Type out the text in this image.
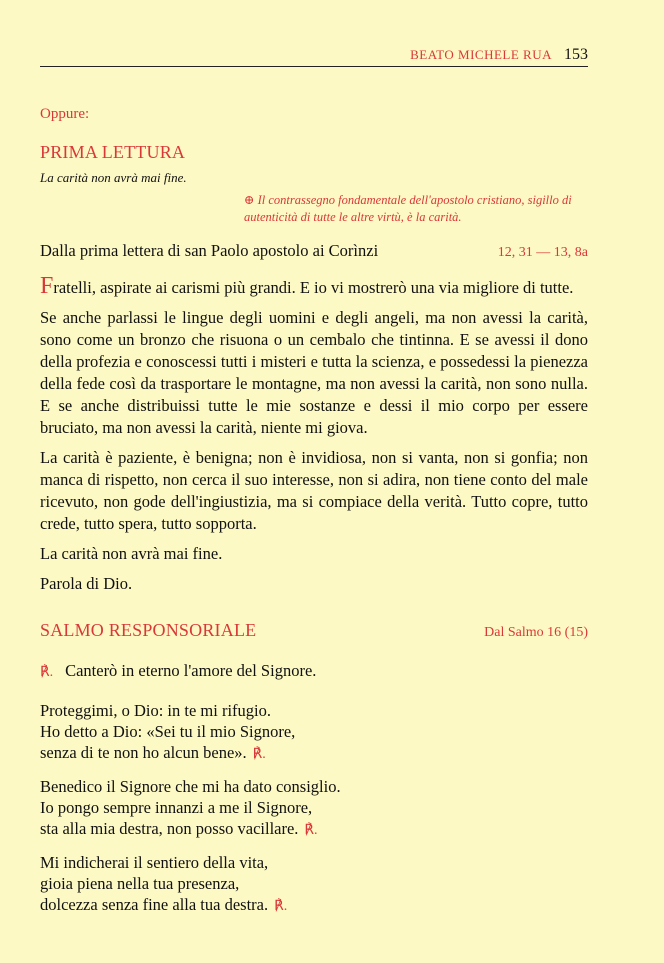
BEATO MICHELE RUA 153
Oppure:
PRIMA LETTURA
La carità non avrà mai fine.
⊕ Il contrassegno fondamentale dell'apostolo cristiano, sigillo di autenticità di tutte le altre virtù, è la carità.
Dalla prima lettera di san Paolo apostolo ai Corìnzi	12, 31 — 13, 8a

Fratelli, aspirate ai carismi più grandi. E io vi mostrerò una via migliore di tutte.

Se anche parlassi le lingue degli uomini e degli angeli, ma non avessi la carità, sono come un bronzo che risuona o un cembalo che tintinna. E se avessi il dono della profezia e conoscessi tutti i misteri e tutta la scienza, e possedessi la pienezza della fede così da trasportare le montagne, ma non avessi la carità, non sono nulla. E se anche distribuissi tutte le mie sostanze e dessi il mio corpo per essere bruciato, ma non avessi la carità, niente mi giova.

La carità è paziente, è benigna; non è invidiosa, non si vanta, non si gonfia; non manca di rispetto, non cerca il suo interesse, non si adira, non tiene conto del male ricevuto, non gode dell'ingiustizia, ma si compiace della verità. Tutto copre, tutto crede, tutto spera, tutto sopporta.

La carità non avrà mai fine.

Parola di Dio.

SALMO RESPONSORIALE	Dal Salmo 16 (15)
℟. Canterò in eterno l'amore del Signore.
Proteggimi, o Dio: in te mi rifugio.
Ho detto a Dio: «Sei tu il mio Signore,
senza di te non ho alcun bene». ℟.
Benedico il Signore che mi ha dato consiglio.
Io pongo sempre innanzi a me il Signore,
sta alla mia destra, non posso vacillare. ℟.
Mi indicherai il sentiero della vita,
gioia piena nella tua presenza,
dolcezza senza fine alla tua destra. ℟.
